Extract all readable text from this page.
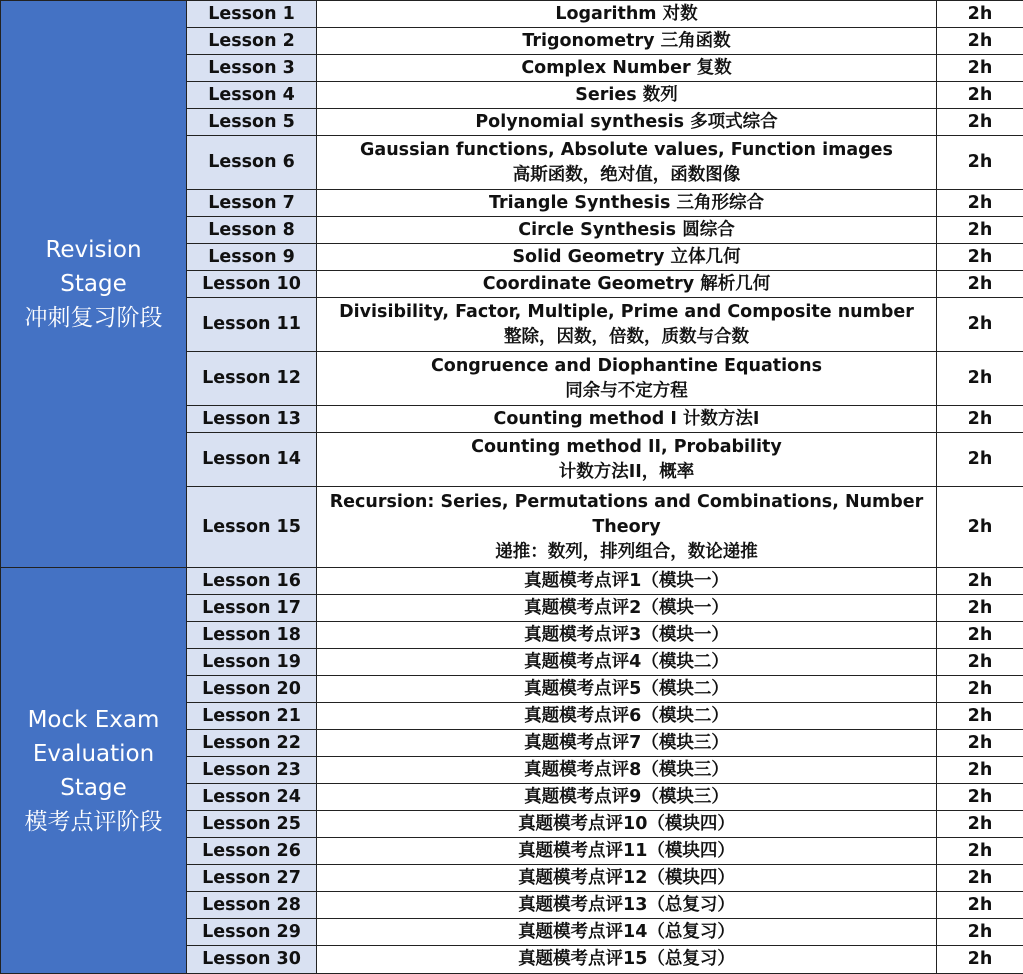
Revision
Stage
冲刺复习阶段	Lesson 1	Logarithm 对数	2h
	Lesson 2	Trigonometry 三角函数	2h
	Lesson 3	Complex Number 复数	2h
	Lesson 4	Series 数列	2h
	Lesson 5	Polynomial synthesis 多项式综合	2h
	Lesson 6	Gaussian functions, Absolute values, Function images
高斯函数，绝对值，函数图像	2h
	Lesson 7	Triangle Synthesis 三角形综合	2h
	Lesson 8	Circle Synthesis 圆综合	2h
	Lesson 9	Solid Geometry 立体几何	2h
	Lesson 10	Coordinate Geometry 解析几何	2h
	Lesson 11	Divisibility, Factor, Multiple, Prime and Composite number
整除，因数，倍数，质数与合数	2h
	Lesson 12	Congruence and Diophantine Equations
同余与不定方程	2h
	Lesson 13	Counting method I 计数方法I	2h
	Lesson 14	Counting method II, Probability
计数方法II，概率	2h
	Lesson 15	Recursion: Series, Permutations and Combinations, Number
Theory
递推：数列，排列组合，数论递推	2h

Mock Exam
Evaluation
Stage
模考点评阶段	Lesson 16	真题模考点评1（模块一）	2h
	Lesson 17	真题模考点评2（模块一）	2h
	Lesson 18	真题模考点评3（模块一）	2h
	Lesson 19	真题模考点评4（模块二）	2h
	Lesson 20	真题模考点评5（模块二）	2h
	Lesson 21	真题模考点评6（模块二）	2h
	Lesson 22	真题模考点评7（模块三）	2h
	Lesson 23	真题模考点评8（模块三）	2h
	Lesson 24	真题模考点评9（模块三）	2h
	Lesson 25	真题模考点评10（模块四）	2h
	Lesson 26	真题模考点评11（模块四）	2h
	Lesson 27	真题模考点评12（模块四）	2h
	Lesson 28	真题模考点评13（总复习）	2h
	Lesson 29	真题模考点评14（总复习）	2h
	Lesson 30	真题模考点评15（总复习）	2h
